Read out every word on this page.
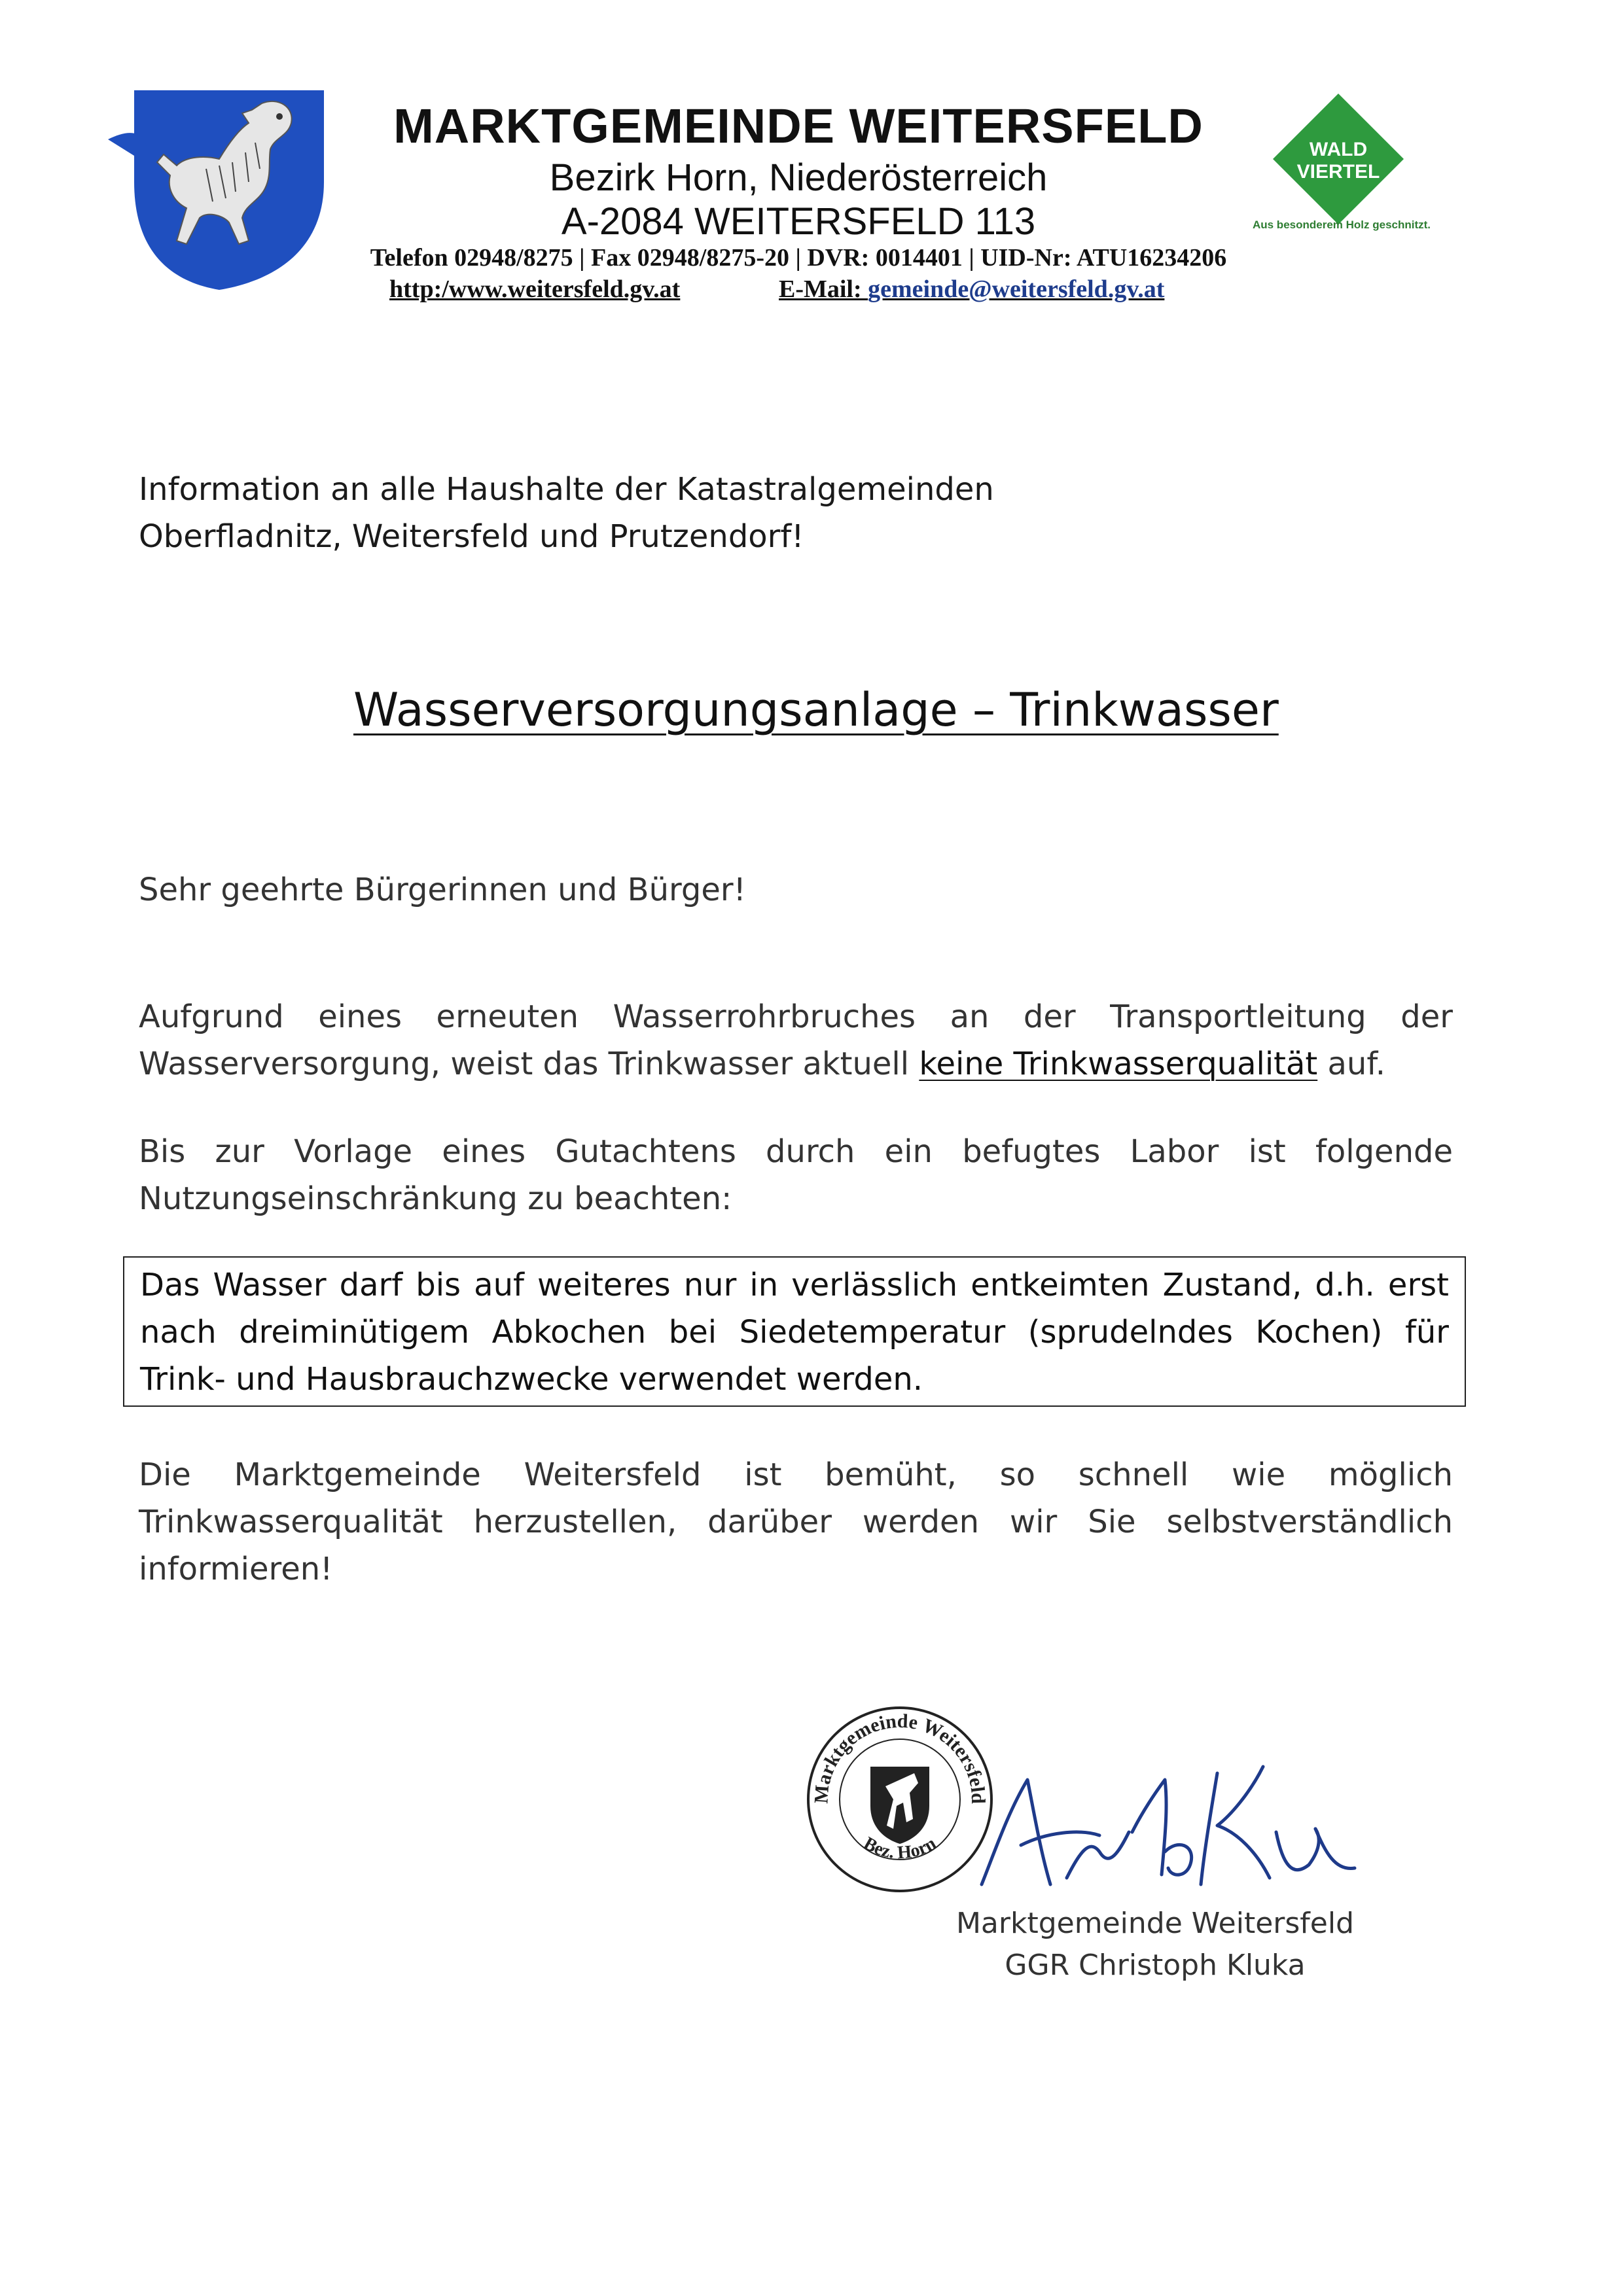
MARKTGEMEINDE WEITERSFELD
Bezirk Horn, Niederösterreich
A-2084 WEITERSFELD 113
Telefon 02948/8275 | Fax 02948/8275-20 | DVR: 0014401 | UID-Nr: ATU16234206
http:/www.weitersfeld.gv.at	E-Mail: gemeinde@weitersfeld.gv.at
WALD
VIERTEL
Aus besonderem Holz geschnitzt.
Information an alle Haushalte der Katastralgemeinden
Oberfladnitz, Weitersfeld und Prutzendorf!
Wasserversorgungsanlage – Trinkwasser
Sehr geehrte Bürgerinnen und Bürger!
Aufgrund eines erneuten Wasserrohrbruches an der Transportleitung der Wasserversorgung, weist das Trinkwasser aktuell keine Trinkwasserqualität auf.
Bis zur Vorlage eines Gutachtens durch ein befugtes Labor ist folgende Nutzungseinschränkung zu beachten:
Das Wasser darf bis auf weiteres nur in verlässlich entkeimten Zustand, d.h. erst nach dreiminütigem Abkochen bei Siedetemperatur (sprudelndes Kochen) für Trink- und Hausbrauchzwecke verwendet werden.
Die Marktgemeinde Weitersfeld ist bemüht, so schnell wie möglich Trinkwasserqualität herzustellen, darüber werden wir Sie selbstverständlich informieren!
Marktgemeinde Weitersfeld
Bez. Horn
Marktgemeinde Weitersfeld
GGR Christoph Kluka
